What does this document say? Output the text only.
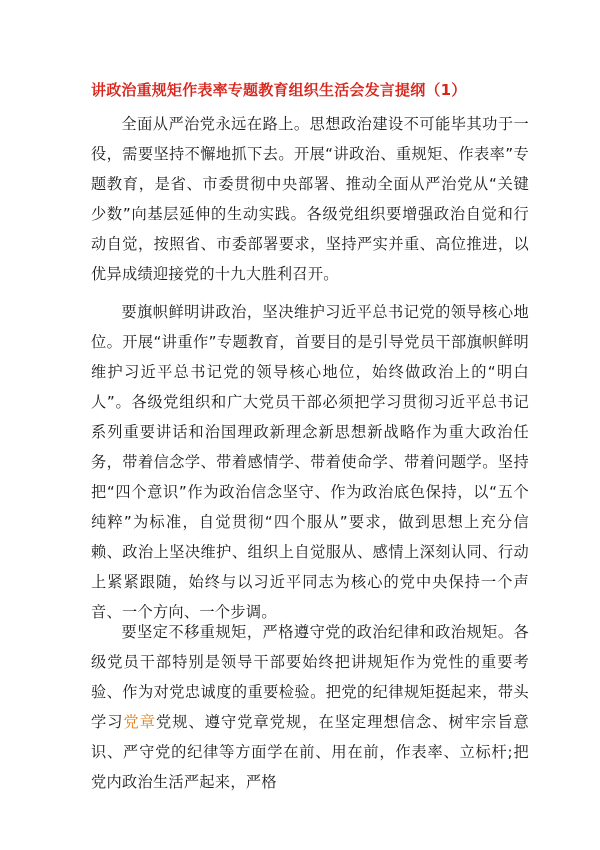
讲政治重规矩作表率专题教育组织生活会发言提纲（1）

全面从严治党永远在路上。思想政治建设不可能毕其功于一役，需要坚持不懈地抓下去。开展“讲政治、重规矩、作表率”专题教育，是省、市委贯彻中央部署、推动全面从严治党从“关键少数”向基层延伸的生动实践。各级党组织要增强政治自觉和行动自觉，按照省、市委部署要求，坚持严实并重、高位推进，以优异成绩迎接党的十九大胜利召开。

要旗帜鲜明讲政治，坚决维护习近平总书记党的领导核心地位。开展“讲重作”专题教育，首要目的是引导党员干部旗帜鲜明维护习近平总书记党的领导核心地位，始终做政治上的“明白人”。各级党组织和广大党员干部必须把学习贯彻习近平总书记系列重要讲话和治国理政新理念新思想新战略作为重大政治任务，带着信念学、带着感情学、带着使命学、带着问题学。坚持把“四个意识”作为政治信念坚守、作为政治底色保持，以“五个纯粹”为标准，自觉贯彻“四个服从”要求，做到思想上充分信赖、政治上坚决维护、组织上自觉服从、感情上深刻认同、行动上紧紧跟随，始终与以习近平同志为核心的党中央保持一个声音、一个方向、一个步调。

要坚定不移重规矩，严格遵守党的政治纪律和政治规矩。各级党员干部特别是领导干部要始终把讲规矩作为党性的重要考验、作为对党忠诚度的重要检验。把党的纪律规矩挺起来，带头学习党章党规、遵守党章党规，在坚定理想信念、树牢宗旨意识、严守党的纪律等方面学在前、用在前，作表率、立标杆;把党内政治生活严起来，严格
